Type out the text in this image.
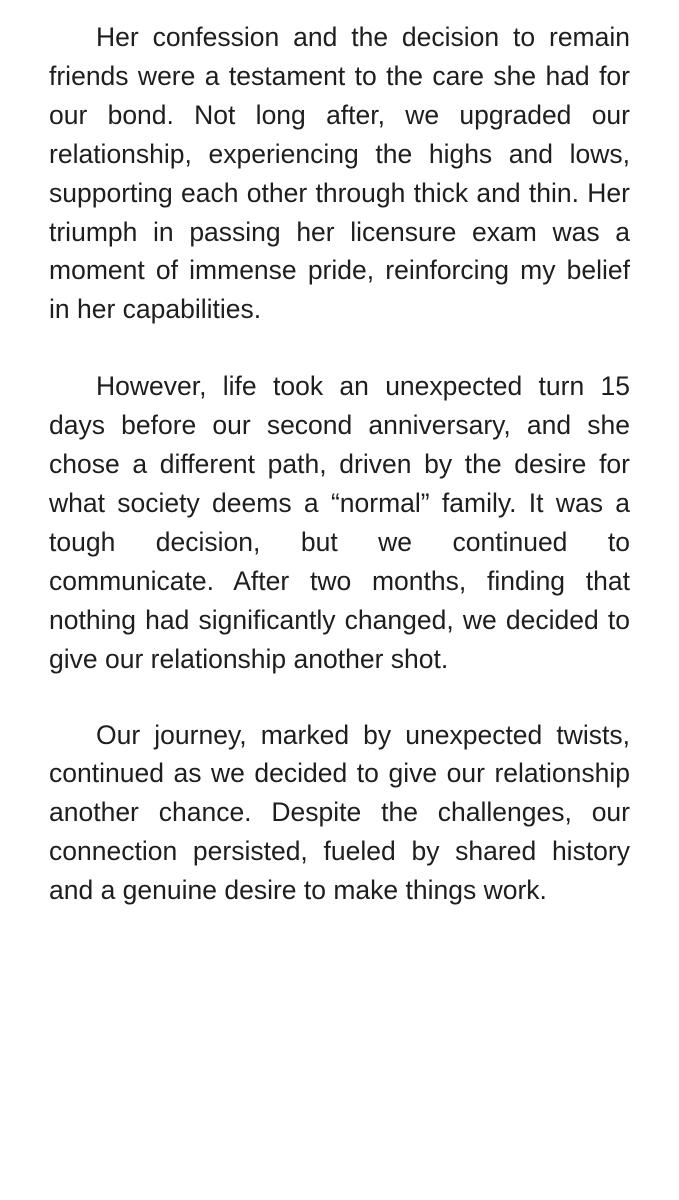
Her confession and the decision to remain friends were a testament to the care she had for our bond. Not long after, we upgraded our relationship, experiencing the highs and lows, supporting each other through thick and thin. Her triumph in passing her licensure exam was a moment of immense pride, reinforcing my belief in her capabilities.

However, life took an unexpected turn 15 days before our second anniversary, and she chose a different path, driven by the desire for what society deems a “normal” family. It was a tough decision, but we continued to communicate. After two months, finding that nothing had significantly changed, we decided to give our relationship another shot.

Our journey, marked by unexpected twists, continued as we decided to give our relationship another chance. Despite the challenges, our connection persisted, fueled by shared history and a genuine desire to make things work.
